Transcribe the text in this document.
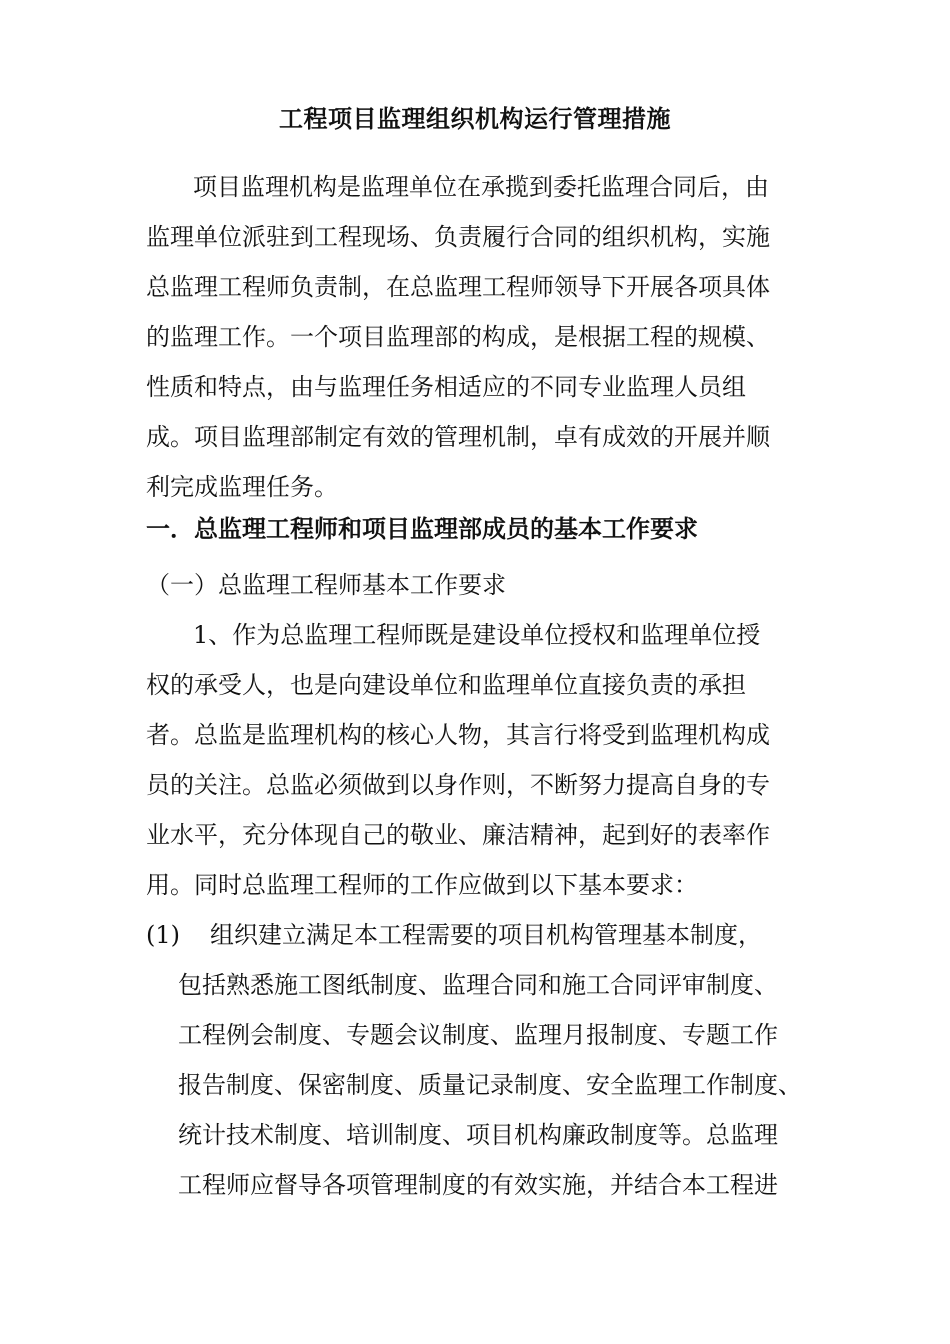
工程项目监理组织机构运行管理措施
项目监理机构是监理单位在承揽到委托监理合同后，由
监理单位派驻到工程现场、负责履行合同的组织机构，实施
总监理工程师负责制，在总监理工程师领导下开展各项具体
的监理工作。一个项目监理部的构成，是根据工程的规模、
性质和特点，由与监理任务相适应的不同专业监理人员组
成。项目监理部制定有效的管理机制，卓有成效的开展并顺
利完成监理任务。
一．总监理工程师和项目监理部成员的基本工作要求
（一）总监理工程师基本工作要求
1、作为总监理工程师既是建设单位授权和监理单位授
权的承受人，也是向建设单位和监理单位直接负责的承担
者。总监是监理机构的核心人物，其言行将受到监理机构成
员的关注。总监必须做到以身作则，不断努力提高自身的专
业水平，充分体现自己的敬业、廉洁精神，起到好的表率作
用。同时总监理工程师的工作应做到以下基本要求：
(1) 组织建立满足本工程需要的项目机构管理基本制度，
包括熟悉施工图纸制度、监理合同和施工合同评审制度、
工程例会制度、专题会议制度、监理月报制度、专题工作
报告制度、保密制度、质量记录制度、安全监理工作制度、
统计技术制度、培训制度、项目机构廉政制度等。总监理
工程师应督导各项管理制度的有效实施，并结合本工程进
